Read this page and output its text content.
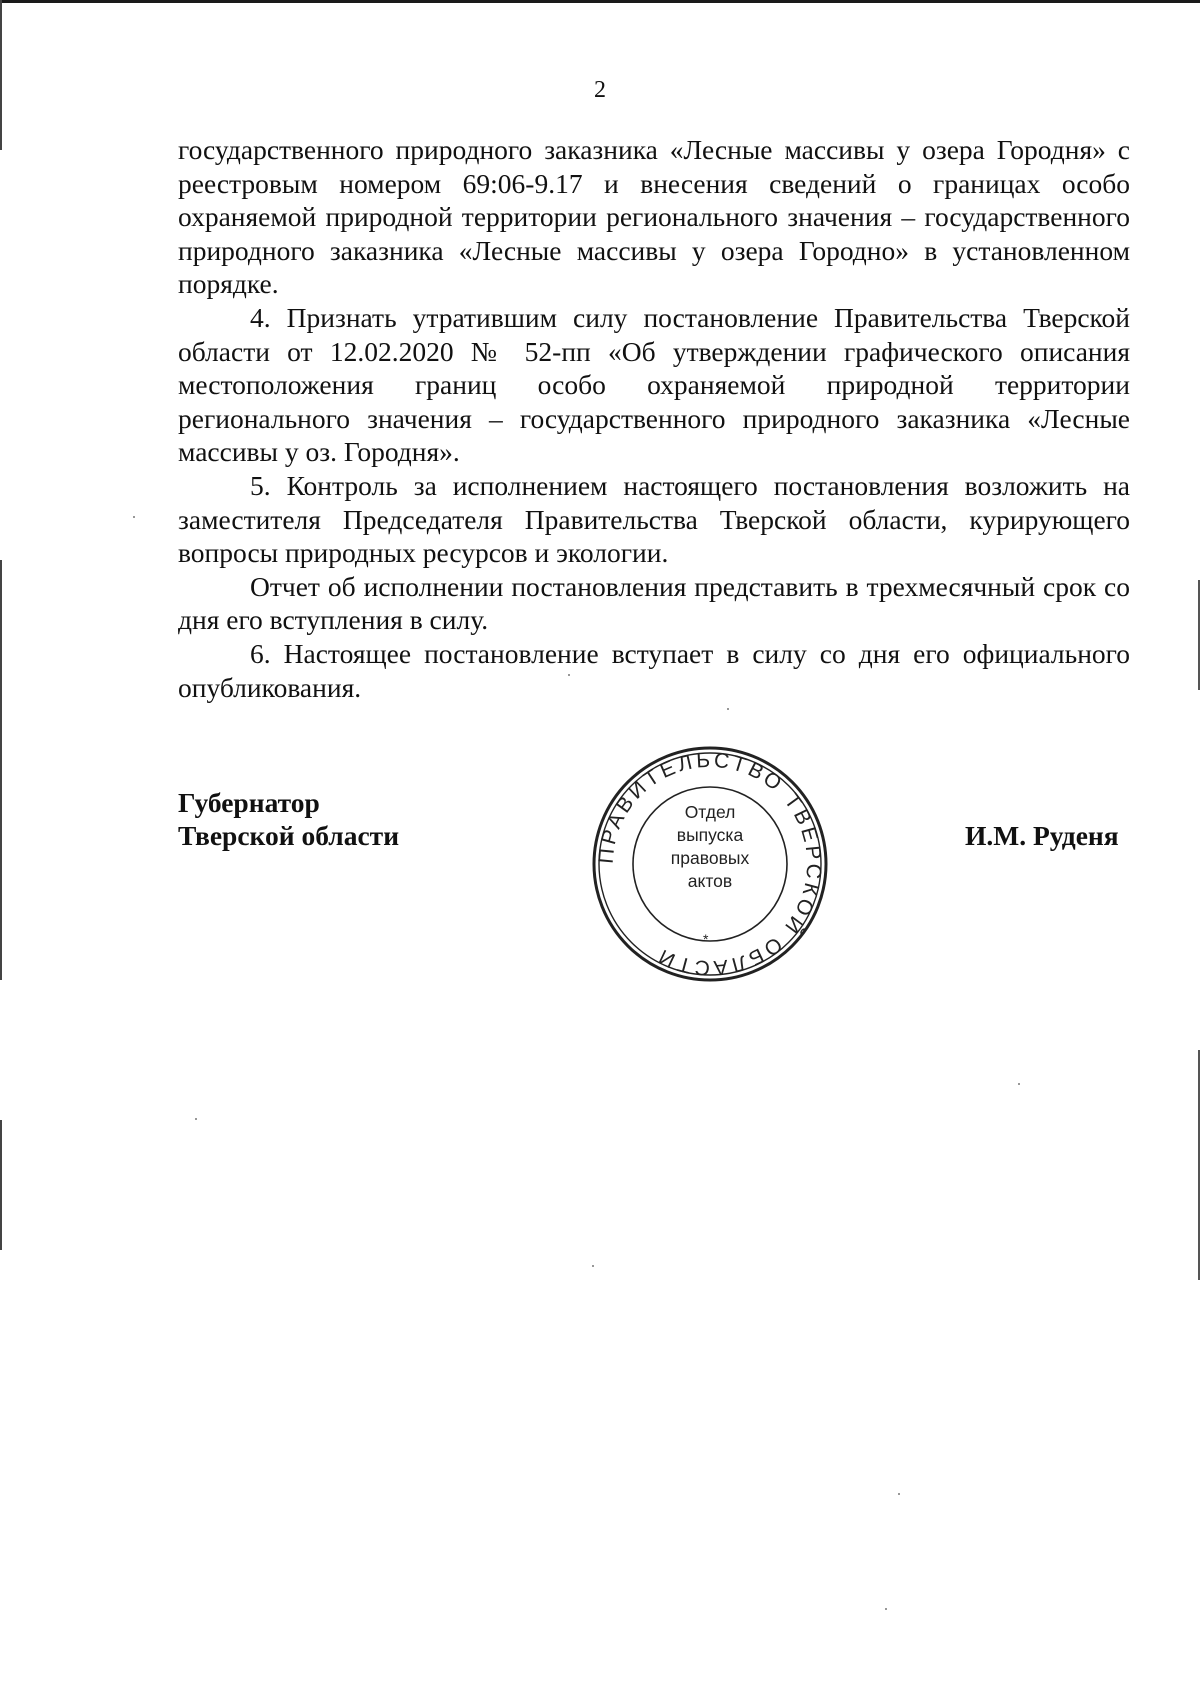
2

государственного природного заказника «Лесные массивы у озера Городня» с реестровым номером 69:06-9.17 и внесения сведений о границах особо охраняемой природной территории регионального значения – государственного природного заказника «Лесные массивы у озера Городно» в установленном порядке.

4. Признать утратившим силу постановление Правительства Тверской области от 12.02.2020 № 52-пп «Об утверждении графического описания местоположения границ особо охраняемой природной территории регионального значения – государственного природного заказника «Лесные массивы у оз. Городня».

5. Контроль за исполнением настоящего постановления возложить на заместителя Председателя Правительства Тверской области, курирующего вопросы природных ресурсов и экологии.

Отчет об исполнении постановления представить в трехмесячный срок со дня его вступления в силу.

6. Настоящее постановление вступает в силу со дня его официального опубликования.

Губернатор
Тверской области	И.М. Руденя
ПРАВИТЕЛЬСТВО ТВЕРСКОЙ ОБЛАСТИ
*
Отдел
выпуска
правовых
актов
